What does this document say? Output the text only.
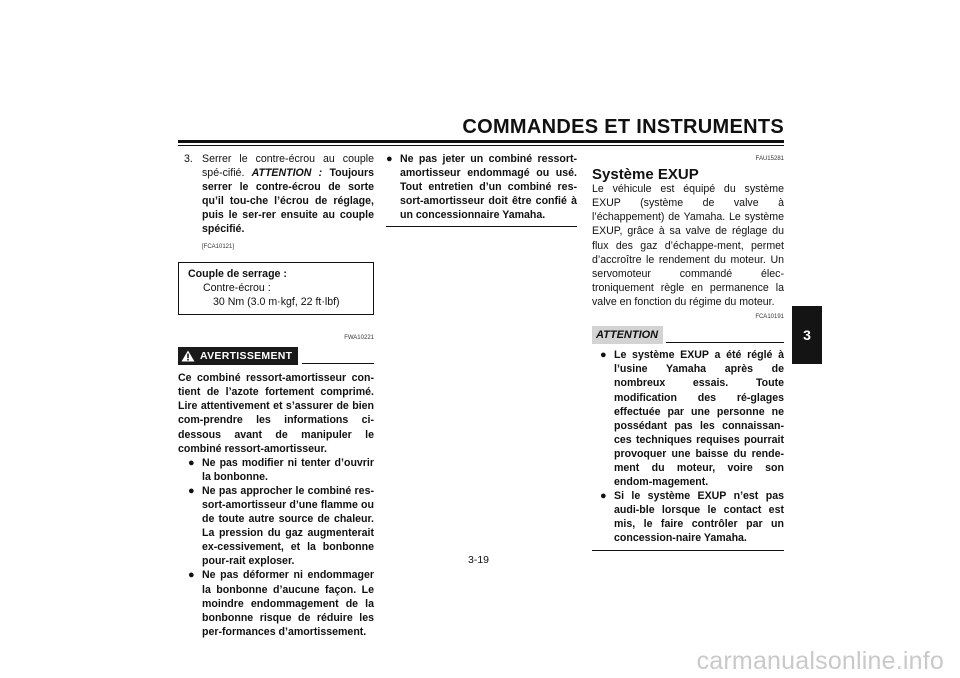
COMMANDES ET INSTRUMENTS
3
3. Serrer le contre-écrou au couple spé-cifié. ATTENTION : Toujours serrer le contre-écrou de sorte qu’il tou-che l’écrou de réglage, puis le ser-rer ensuite au couple spécifié.
[FCA10121]
Couple de serrage :
Contre-écrou :
30 Nm (3.0 m·kgf, 22 ft·lbf)
FWA10221
AVERTISSEMENT
Ce combiné ressort-amortisseur con-tient de l’azote fortement comprimé. Lire attentivement et s’assurer de bien com-prendre les informations ci-dessous avant de manipuler le combiné ressort-amortisseur.
● Ne pas modifier ni tenter d’ouvrir la bonbonne.
● Ne pas approcher le combiné res-sort-amortisseur d’une flamme ou de toute autre source de chaleur. La pression du gaz augmenterait ex-cessivement, et la bonbonne pour-rait exploser.
● Ne pas déformer ni endommager la bonbonne d’aucune façon. Le moindre endommagement de la bonbonne risque de réduire les per-formances d’amortissement.
● Ne pas jeter un combiné ressort-amortisseur endommagé ou usé. Tout entretien d’un combiné res-sort-amortisseur doit être confié à un concessionnaire Yamaha.
FAU15281
Système EXUP
Le véhicule est équipé du système EXUP (système de valve à l’échappement) de Yamaha. Le système EXUP, grâce à sa valve de réglage du flux des gaz d’échappe-ment, permet d’accroître le rendement du moteur. Un servomoteur commandé élec-troniquement règle en permanence la valve en fonction du régime du moteur.
FCA10191
ATTENTION
● Le système EXUP a été réglé à l’usine Yamaha après de nombreux essais. Toute modification des ré-glages effectuée par une personne ne possédant pas les connaissan-ces techniques requises pourrait provoquer une baisse du rende-ment du moteur, voire son endom-magement.
● Si le système EXUP n’est pas audi-ble lorsque le contact est mis, le faire contrôler par un concession-naire Yamaha.
3-19
carmanualsonline.info
